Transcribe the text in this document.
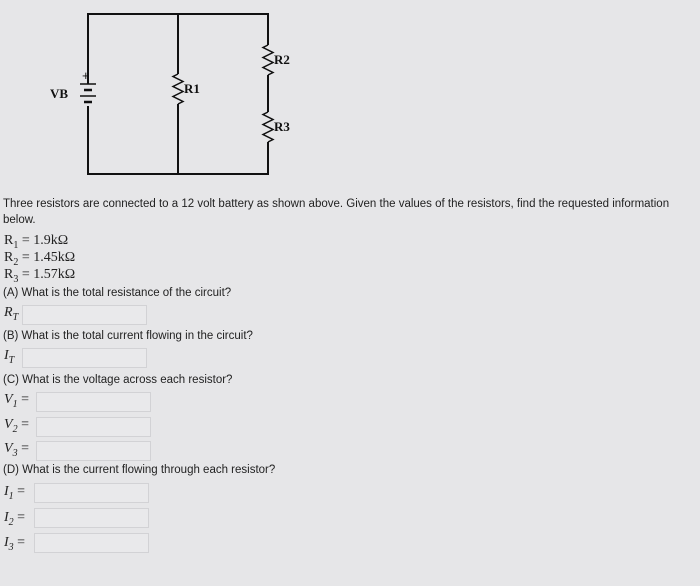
+
VB	R1
R2
R3
Three resistors are connected to a 12 volt battery as shown above. Given the values of the resistors, find the requested information below.
$R_1 = 1.9k\Omega$
$R_2 = 1.45k\Omega$
$R_3 = 1.57k\Omega$
(A) What is the total resistance of the circuit?
$R_T$
(B) What is the total current flowing in the circuit?
$I_T$
(C) What is the voltage across each resistor?
$V_1$ =
$V_2$ =
$V_3$ =
(D) What is the current flowing through each resistor?
$I_1$ =
$I_2$ =
$I_3$ =
